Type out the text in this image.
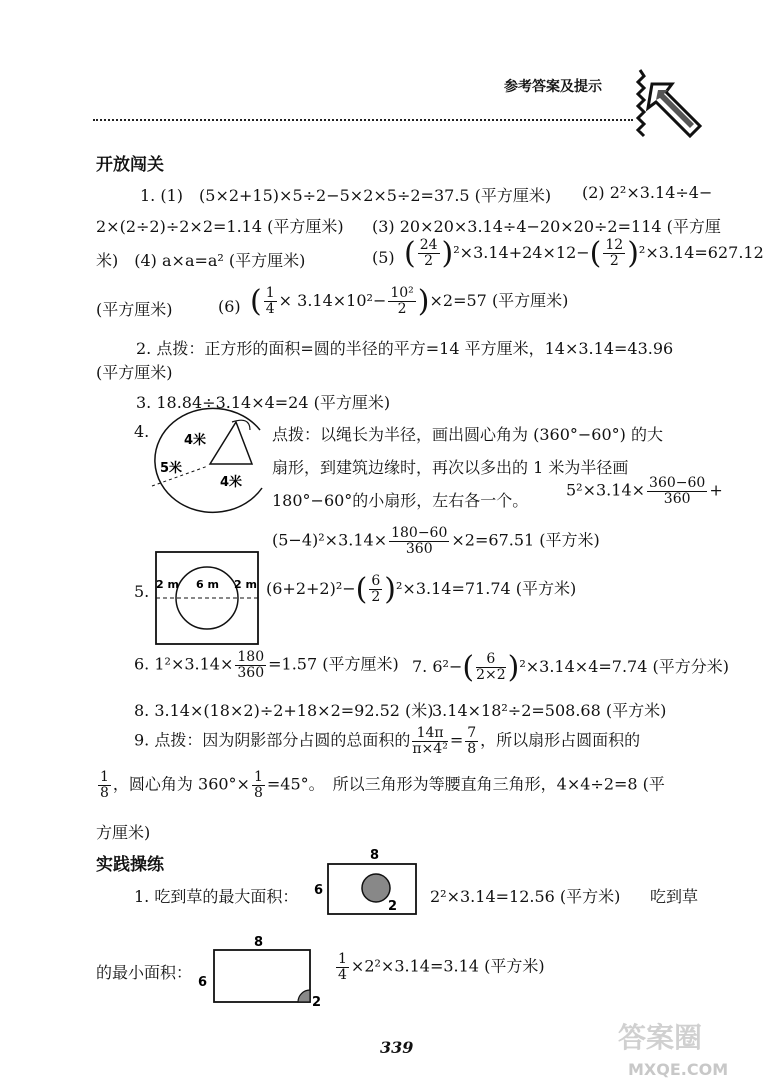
参考答案及提示
开放闯关
1. (1)　(5×2+15)×5÷2−5×2×5÷2=37.5 (平方厘米) (2) 2²×3.14÷4−
2×(2÷2)÷2×2=1.14 (平方厘米) (3) 20×20×3.14÷4−20×20÷2=114 (平方厘
米)　(4) a×a=a² (平方厘米)	(5) ( $\frac{24}{2} )^2\times 3.14+24\times 12-( \frac{12}{2} )^2\times 3.14=627.12$
(平方厘米)	(6) ( $\frac{1}{4} \times 3.14\times 10^2- \frac{\text{10²}}{2} )\times 2=57$ (平方厘米)
2. 点拨：正方形的面积=圆的半径的平方=14 平方厘米，14×3.14=43.96
(平方厘米)
3. 18.84÷3.14×4=24 (平方厘米)
4.	4米
5米
4米
点拨：以绳长为半径，画出圆心角为 (360°−60°) 的大
扇形，到建筑边缘时，再次以多出的 1 米为半径画
180°−60°的小扇形，左右各一个。
$5^2\times 3.14\times \frac{360-60}{360}$ +
$(5-4)^2\times 3.14\times \frac{180-60}{360} \times 2=67.51$ (平方米)
5. 2 m 6 m 2 m $(6+2+2)^2-( \frac{6}{2} )^2\times 3.14=71.74$ (平方米)
6. $1^2\times 3.14\times \frac{180}{360} =1.57$ (平方厘米) 7. $6^2-( \frac{6}{2\times 2} )^2\times 3.14\times 4=7.74$ (平方分米)
8. 3.14×(18×2)÷2+18×2=92.52 (米)
3.14×18²÷2=508.68 (平方米)
9. 点拨：因为阴影部分占圆的总面积的 $\frac{14\pi}{\text{π×4²}} = \frac{7}{8}$ ，所以扇形占圆面积的
$\frac{1}{8}$ ，圆心角为 $360^\circ\times \frac{1}{8} =45^\circ$。　所以三角形为等腰直角三角形，4×4÷2=8 (平
方厘米)
实践操练
1. 吃到草的最大面积：
8
6
2
2²×3.14=12.56 (平方米) 吃到草
的最小面积：
8
6
2
$\frac{1}{4} \times 2^2\times 3.14=3.14$ (平方米)
339	答案圈
MXQE.COM
